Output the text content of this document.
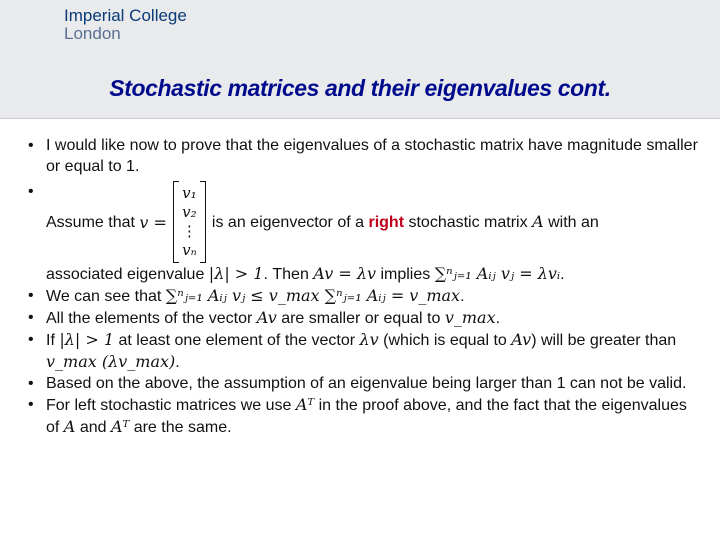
Imperial College
London
Stochastic matrices and their eigenvalues cont.
• I would like now to prove that the eigenvalues of a stochastic matrix have magnitude smaller or equal to 1.
• Assume that
v =
v₁
v₂
⋮
vₙ
is an eigenvector of a right stochastic matrix A with an
associated eigenvalue |λ| > 1. Then Av = λv implies ∑ⁿⱼ₌₁ Aᵢⱼ vⱼ = λvᵢ.
• We can see that ∑ⁿⱼ₌₁ Aᵢⱼ vⱼ ≤ v_max ∑ⁿⱼ₌₁ Aᵢⱼ = v_max.
• All the elements of the vector Av are smaller or equal to v_max.
• If |λ| > 1 at least one element of the vector λv (which is equal to Av) will be greater than v_max (λv_max).
• Based on the above, the assumption of an eigenvalue being larger than 1 can not be valid.
• For left stochastic matrices we use Aᵀ in the proof above, and the fact that the eigenvalues of A and Aᵀ are the same.
